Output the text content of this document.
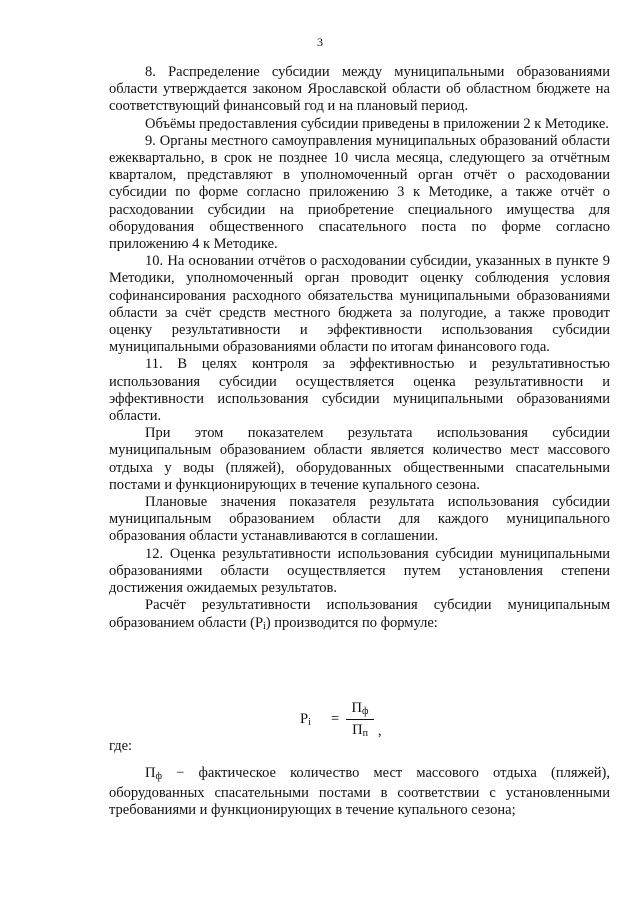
3

8. Распределение субсидии между муниципальными образованиями области утверждается законом Ярославской области об областном бюджете на соответствующий финансовый год и на плановый период.

Объёмы предоставления субсидии приведены в приложении 2 к Методике.

9. Органы местного самоуправления муниципальных образований области ежеквартально, в срок не позднее 10 числа месяца, следующего за отчётным кварталом, представляют в уполномоченный орган отчёт о расходовании субсидии по форме согласно приложению 3 к Методике, а также отчёт о расходовании субсидии на приобретение специального имущества для оборудования общественного спасательного поста по форме согласно приложению 4 к Методике.

10. На основании отчётов о расходовании субсидии, указанных в пункте 9 Методики, уполномоченный орган проводит оценку соблюдения условия софинансирования расходного обязательства муниципальными образованиями области за счёт средств местного бюджета за полугодие, а также проводит оценку результативности и эффективности использования субсидии муниципальными образованиями области по итогам финансового года.

11. В целях контроля за эффективностью и результативностью использования субсидии осуществляется оценка результативности и эффективности использования субсидии муниципальными образованиями области.

При этом показателем результата использования субсидии муниципальным образованием области является количество мест массового отдыха у воды (пляжей), оборудованных общественными спасательными постами и функционирующих в течение купального сезона.

Плановые значения показателя результата использования субсидии муниципальным образованием области для каждого муниципального образования области устанавливаются в соглашении.

12. Оценка результативности использования субсидии муниципальными образованиями области осуществляется путем установления степени достижения ожидаемых результатов.

Расчёт результативности использования субсидии муниципальным образованием области $(Р_i)$ производится по формуле:

$Р_i$ =
$П_ф$
$П_п$ ,
где:

$П_ф$ − фактическое количество мест массового отдыха (пляжей), оборудованных спасательными постами в соответствии с установленными требованиями и функционирующих в течение купального сезона;
